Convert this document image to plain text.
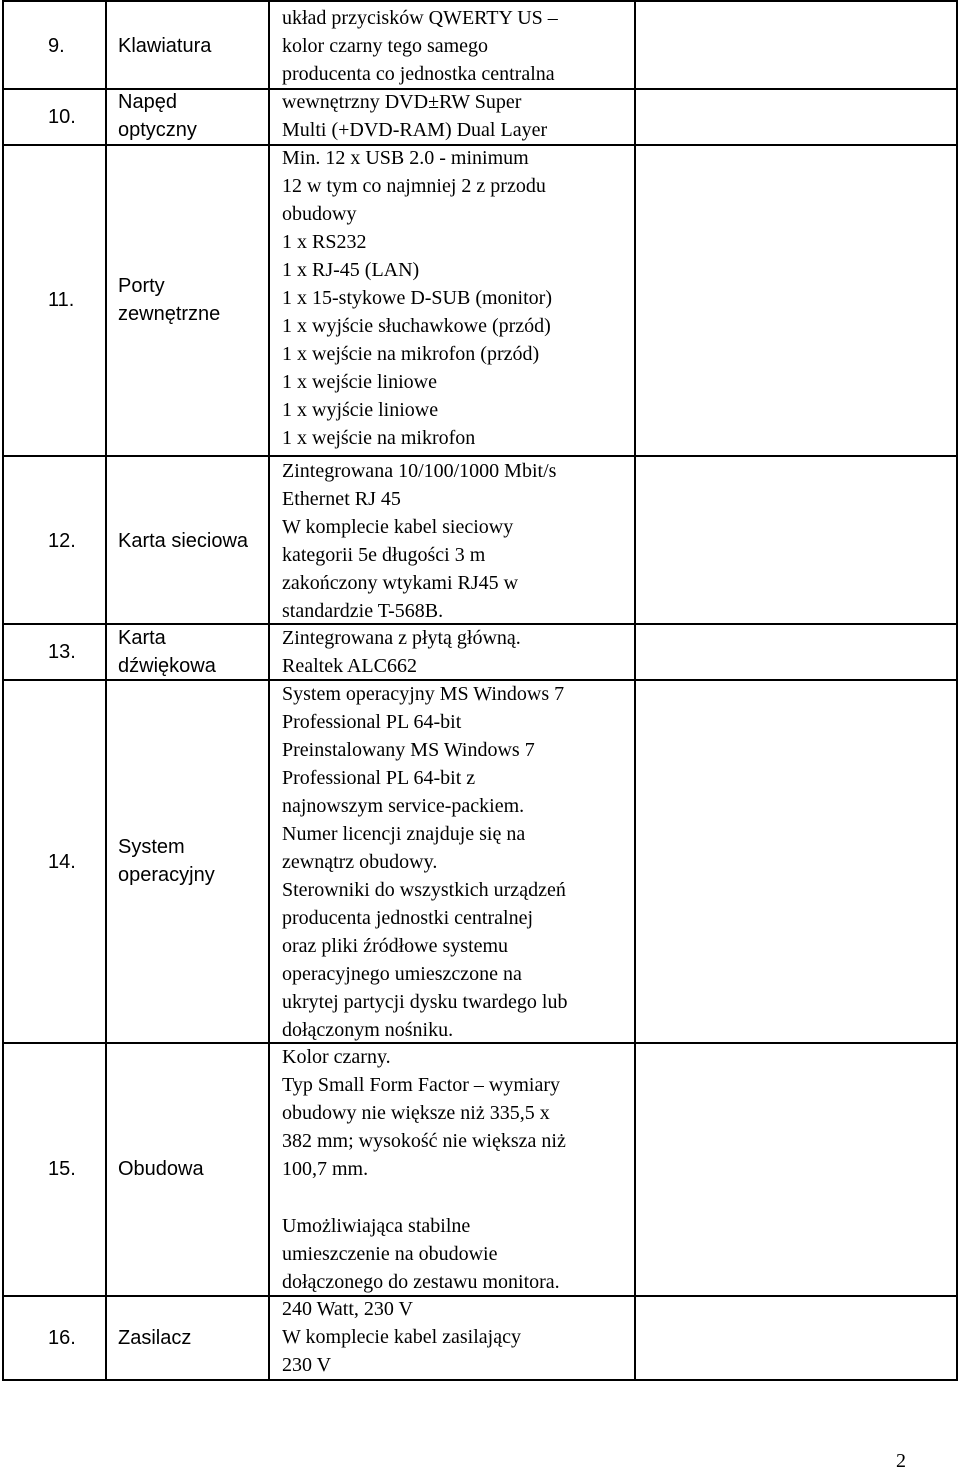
9.	Klawiatura
układ przycisków QWERTY US –
kolor czarny tego samego
producenta co jednostka centralna
10.
Napęd
optyczny
wewnętrzny DVD±RW Super
Multi (+DVD-RAM) Dual Layer
11.
Porty
zewnętrzne
Min. 12 x USB 2.0 - minimum
12 w tym co najmniej 2 z przodu
obudowy
1 x RS232
1 x RJ-45 (LAN)
1 x 15-stykowe D-SUB (monitor)
1 x wyjście słuchawkowe (przód)
1 x wejście na mikrofon (przód)
1 x wejście liniowe
1 x wyjście liniowe
1 x wejście na mikrofon
12. Karta sieciowa
Zintegrowana 10/100/1000 Mbit/s
Ethernet RJ 45
W komplecie kabel sieciowy
kategorii 5e długości 3 m
zakończony wtykami RJ45 w
standardzie T-568B.
13.
Karta
dźwiękowa
Zintegrowana z płytą główną.
Realtek ALC662
14.
System
operacyjny
System operacyjny MS Windows 7
Professional PL 64-bit
Preinstalowany MS Windows 7
Professional PL 64-bit z
najnowszym service-packiem.
Numer licencji znajduje się na
zewnątrz obudowy.
Sterowniki do wszystkich urządzeń
producenta jednostki centralnej
oraz pliki źródłowe systemu
operacyjnego umieszczone na
ukrytej partycji dysku twardego lub
dołączonym nośniku.
15. Obudowa
Kolor czarny.
Typ Small Form Factor – wymiary
obudowy nie większe niż 335,5 x
382 mm; wysokość nie większa niż
100,7 mm.
Umożliwiająca stabilne
umieszczenie na obudowie
dołączonego do zestawu monitora.
16. Zasilacz
240 Watt, 230 V
W komplecie kabel zasilający
230 V
2
